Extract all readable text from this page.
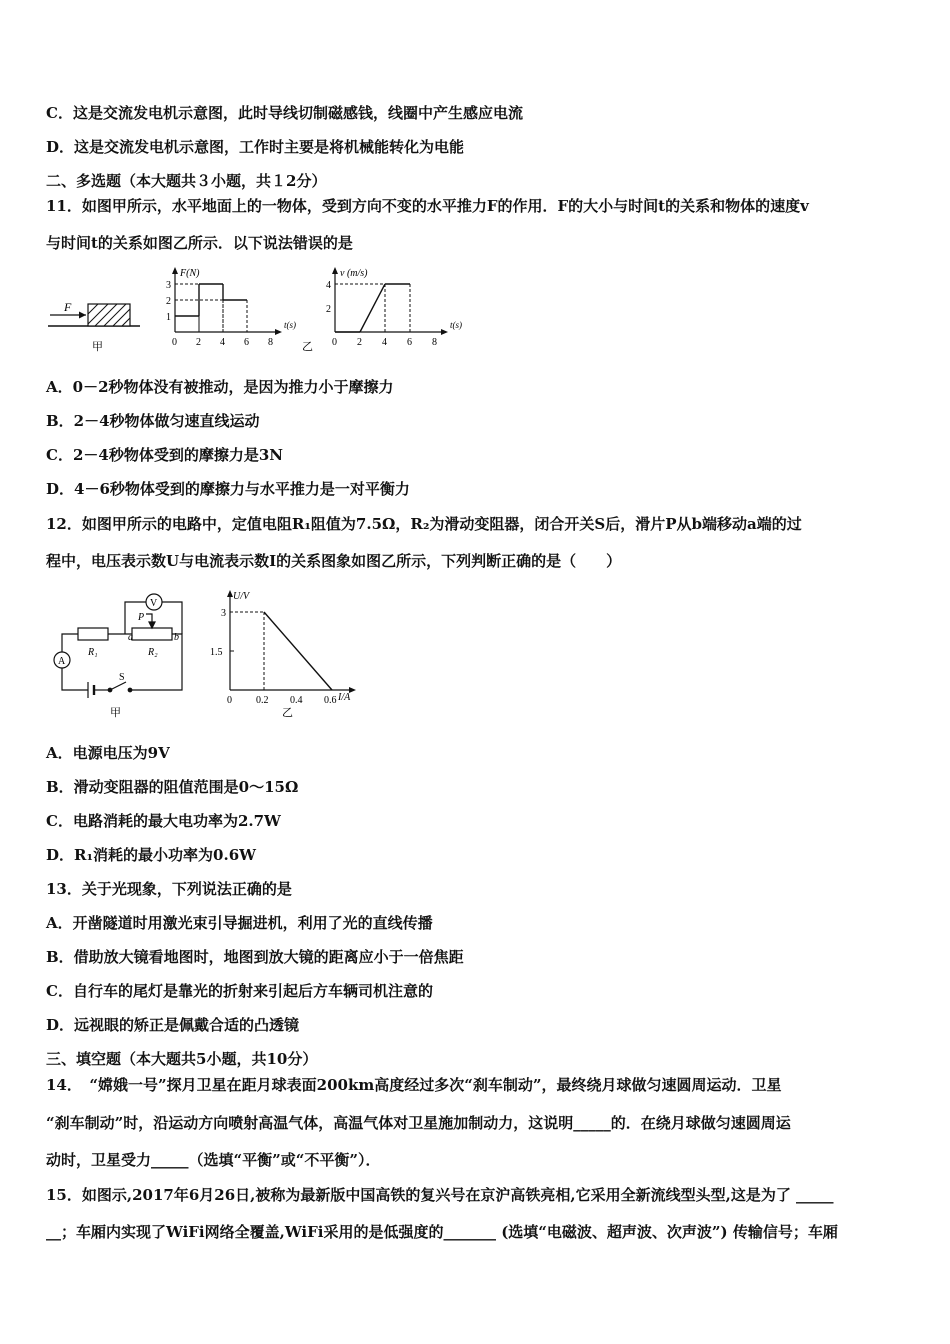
C．这是交流发电机示意图，此时导线切制磁感钱，线圈中产生感应电流
D．这是交流发电机示意图，工作时主要是将机械能转化为电能
二、多选题（本大题共３小题，共１2分）
11．如图甲所示，水平地面上的一物体，受到方向不变的水平推力F的作用．F的大小与时间t的关系和物体的速度v
与时间t的关系如图乙所示．以下说法错误的是
F
甲
F(N)
t(s)
1
2
3
0 2 4 6 8	乙
v (m/s)
t(s)
2
4
0 2 4 6 8
A．0－2秒物体没有被推动，是因为推力小于摩擦力
B．2－4秒物体做匀速直线运动
C．2－4秒物体受到的摩擦力是3N
D．4－6秒物体受到的摩擦力与水平推力是一对平衡力
12．如图甲所示的电路中，定值电阻R₁阻值为7.5Ω，R₂为滑动变阻器，闭合开关S后，滑片P从b端移动a端的过
程中，电压表示数U与电流表示数I的关系图象如图乙所示，下列判断正确的是（　　）
R₁	R₂
P
a	b
S
A
V
甲
U/V
I/A
3
1.5
0 0.2 0.4 0.6
乙
A．电源电压为9V
B．滑动变阻器的阻值范围是0～15Ω
C．电路消耗的最大电功率为2.7W
D．R₁消耗的最小功率为0.6W
13．关于光现象，下列说法正确的是
A．开凿隧道时用激光束引导掘进机，利用了光的直线传播
B．借助放大镜看地图时，地图到放大镜的距离应小于一倍焦距
C．自行车的尾灯是靠光的折射来引起后方车辆司机注意的
D．远视眼的矫正是佩戴合适的凸透镜
三、填空题（本大题共5小题，共10分）
14．　“嫦娥一号”探月卫星在距月球表面200km高度经过多次“刹车制动”，最终绕月球做匀速圆周运动．卫星
“刹车制动”时，沿运动方向喷射高温气体，高温气体对卫星施加制动力，这说明_____的．在绕月球做匀速圆周运
动时，卫星受力_____（选填“平衡”或“不平衡”）．
15．如图示,2017年6月26日,被称为最新版中国高铁的复兴号在京沪高铁亮相,它采用全新流线型头型,这是为了 _____
__；车厢内实现了WiFi网络全覆盖,WiFi采用的是低强度的_______ (选填“电磁波、超声波、次声波”) 传输信号；车厢
